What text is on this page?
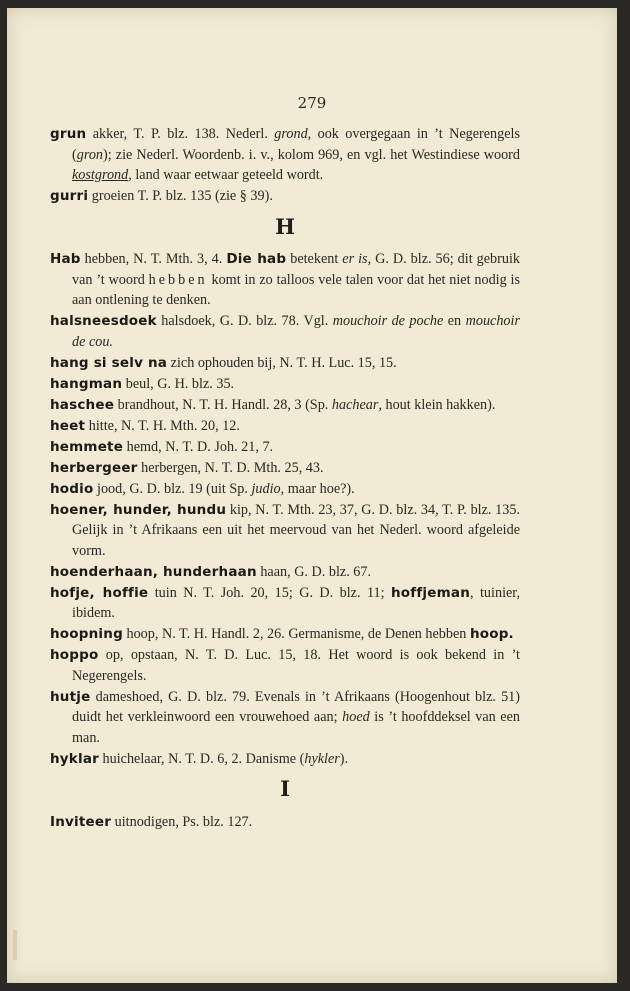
279

grun akker, T. P. blz. 138. Nederl. grond, ook overgegaan in ’t Negerengels (gron); zie Nederl. Woordenb. i. v., kolom 969, en vgl. het Westindiese woord kostgrond, land waar eetwaar geteeld wordt.

gurri groeien T. P. blz. 135 (zie § 39).

H

Hab hebben, N. T. Mth. 3, 4. Die hab betekent er is, G. D. blz. 56; dit gebruik van ’t woord hebben komt in zo talloos vele talen voor dat het niet nodig is aan ontlening te denken.

halsneesdoek halsdoek, G. D. blz. 78. Vgl. mouchoir de poche en mouchoir de cou.

hang si selv na zich ophouden bij, N. T. H. Luc. 15, 15.

hangman beul, G. H. blz. 35.

haschee brandhout, N. T. H. Handl. 28, 3 (Sp. hachear, hout klein hakken).

heet hitte, N. T. H. Mth. 20, 12.

hemmete hemd, N. T. D. Joh. 21, 7.

herbergeer herbergen, N. T. D. Mth. 25, 43.

hodio jood, G. D. blz. 19 (uit Sp. judio, maar hoe?).

hoener, hunder, hundu kip, N. T. Mth. 23, 37, G. D. blz. 34, T. P. blz. 135. Gelijk in ’t Afrikaans een uit het meervoud van het Nederl. woord afgeleide vorm.

hoenderhaan, hunderhaan haan, G. D. blz. 67.

hofje, hoffie tuin N. T. Joh. 20, 15; G. D. blz. 11; hoffjeman, tuinier, ibidem.

hoopning hoop, N. T. H. Handl. 2, 26. Germanisme, de Denen hebben hoop.

hoppo op, opstaan, N. T. D. Luc. 15, 18. Het woord is ook bekend in ’t Negerengels.

hutje dameshoed, G. D. blz. 79. Evenals in ’t Afrikaans (Hoogenhout blz. 51) duidt het verkleinwoord een vrouwehoed aan; hoed is ’t hoofddeksel van een man.

hyklar huichelaar, N. T. D. 6, 2. Danisme (hykler).

I

Inviteer uitnodigen, Ps. blz. 127.
